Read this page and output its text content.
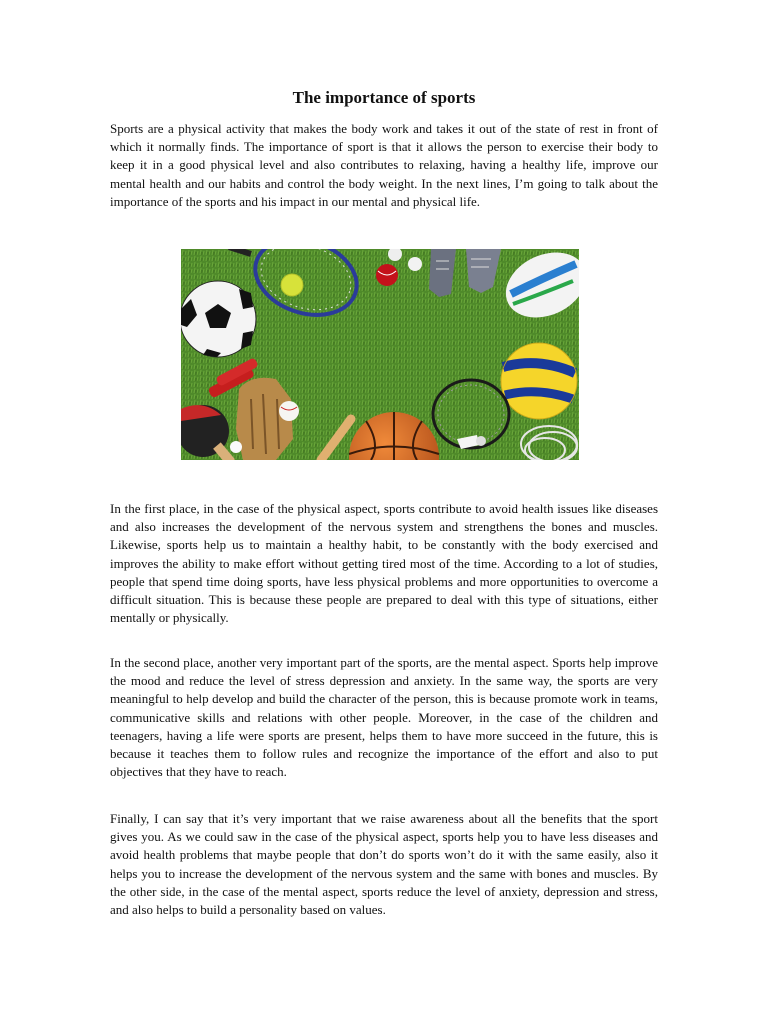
The importance of sports

Sports are a physical activity that makes the body work and takes it out of the state of rest in front of which it normally finds. The importance of sport is that it allows the person to exercise their body to keep it in a good physical level and also contributes to relaxing, having a healthy life, improve our mental health and our habits and control the body weight. In the next lines, I’m going to talk about the importance of the sports and his impact in our mental and physical life.

In the first place, in the case of the physical aspect, sports contribute to avoid health issues like diseases and also increases the development of the nervous system and strengthens the bones and muscles. Likewise, sports help us to maintain a healthy habit, to be constantly with the body exercised and improves the ability to make effort without getting tired most of the time. According to a lot of studies, people that spend time doing sports, have less physical problems and more opportunities to overcome a difficult situation. This is because these people are prepared to deal with this type of situations, either mentally or physically.

In the second place, another very important part of the sports, are the mental aspect. Sports help improve the mood and reduce the level of stress depression and anxiety. In the same way, the sports are very meaningful to help develop and build the character of the person, this is because promote work in teams, communicative skills and relations with other people. Moreover, in the case of the children and teenagers, having a life were sports are present, helps them to have more succeed in the future, this is because it teaches them to follow rules and recognize the importance of the effort and also to put objectives that they have to reach.

Finally, I can say that it’s very important that we raise awareness about all the benefits that the sport gives you. As we could saw in the case of the physical aspect, sports help you to have less diseases and avoid health problems that maybe people that don’t do sports won’t do it with the same easily, also it helps you to increase the development of the nervous system and the same with bones and muscles. By the other side, in the case of the mental aspect, sports reduce the level of anxiety, depression and stress, and also helps to build a personality based on values.
